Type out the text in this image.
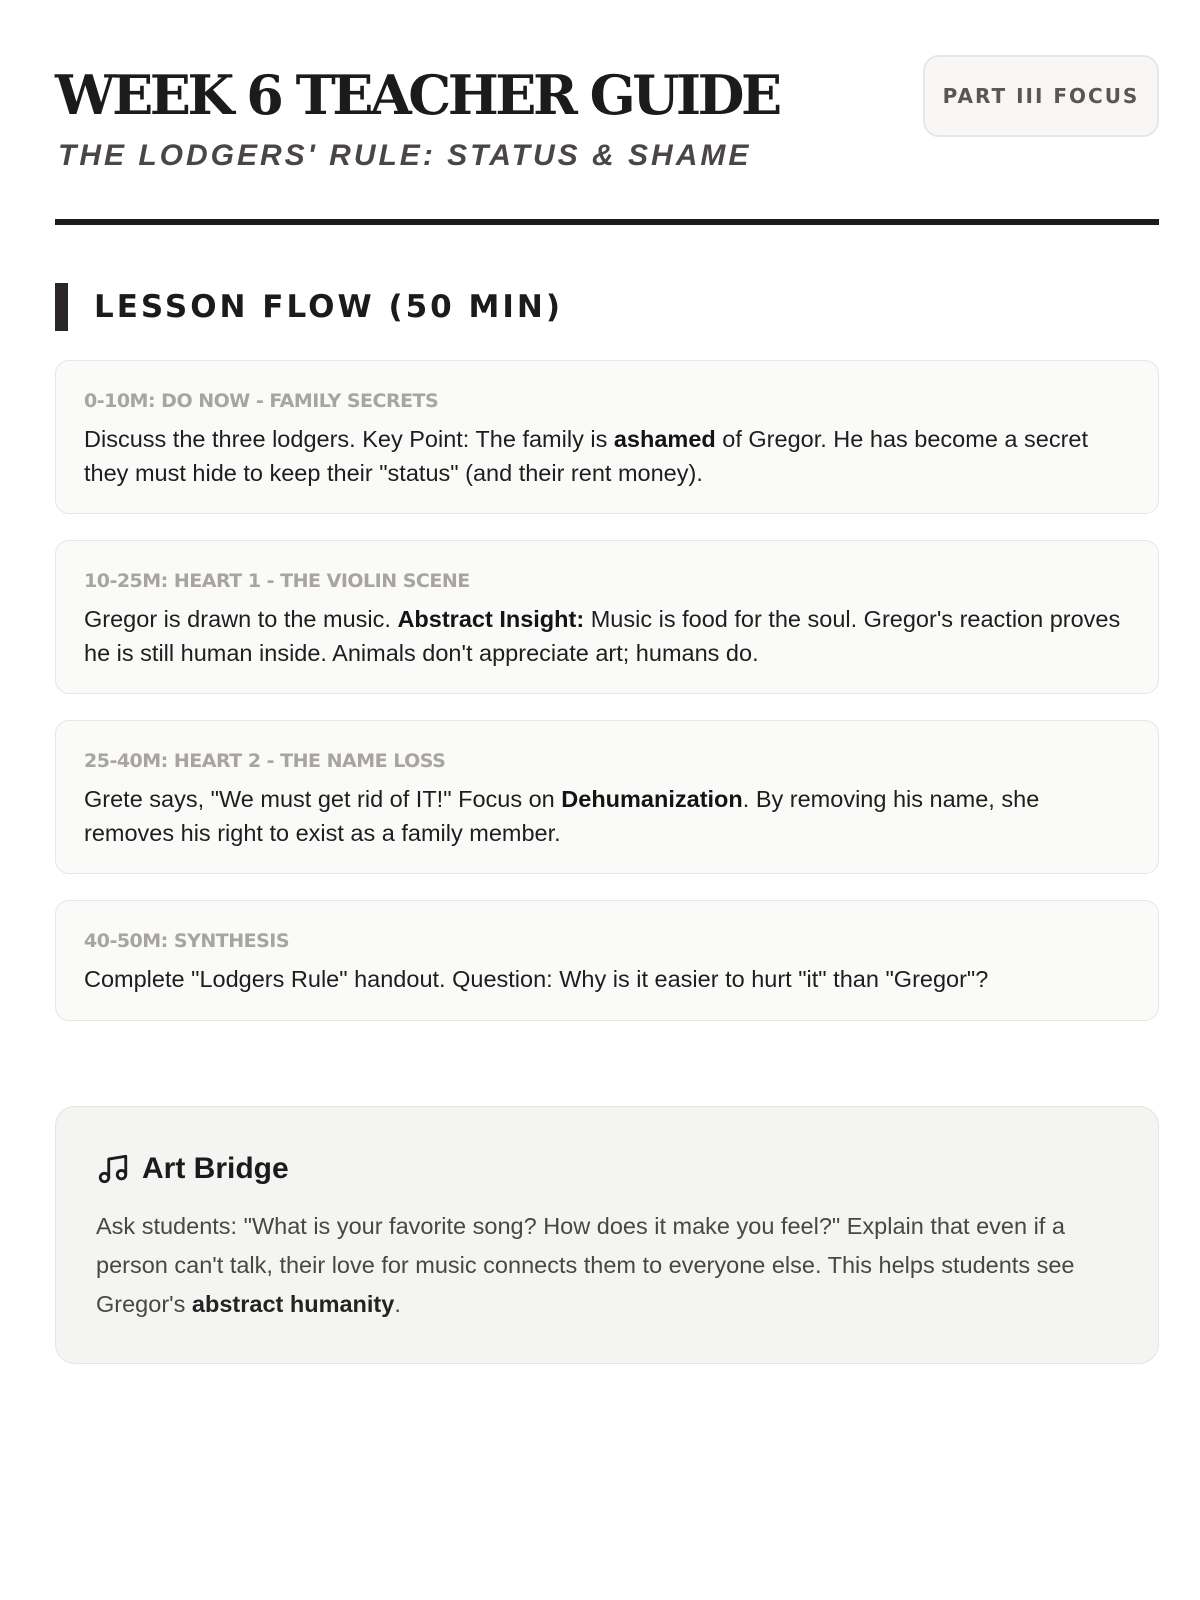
WEEK 6 TEACHER GUIDE
THE LODGERS' RULE: STATUS & SHAME
PART III FOCUS
LESSON FLOW (50 MIN)
0-10M: DO NOW - FAMILY SECRETS
Discuss the three lodgers. Key Point: The family is ashamed of Gregor. He has become a secret they must hide to keep their "status" (and their rent money).
10-25M: HEART 1 - THE VIOLIN SCENE
Gregor is drawn to the music. Abstract Insight: Music is food for the soul. Gregor's reaction proves he is still human inside. Animals don't appreciate art; humans do.
25-40M: HEART 2 - THE NAME LOSS
Grete says, "We must get rid of IT!" Focus on Dehumanization. By removing his name, she removes his right to exist as a family member.
40-50M: SYNTHESIS
Complete "Lodgers Rule" handout. Question: Why is it easier to hurt "it" than "Gregor"?
Art Bridge
Ask students: "What is your favorite song? How does it make you feel?" Explain that even if a person can't talk, their love for music connects them to everyone else. This helps students see Gregor's abstract humanity.
